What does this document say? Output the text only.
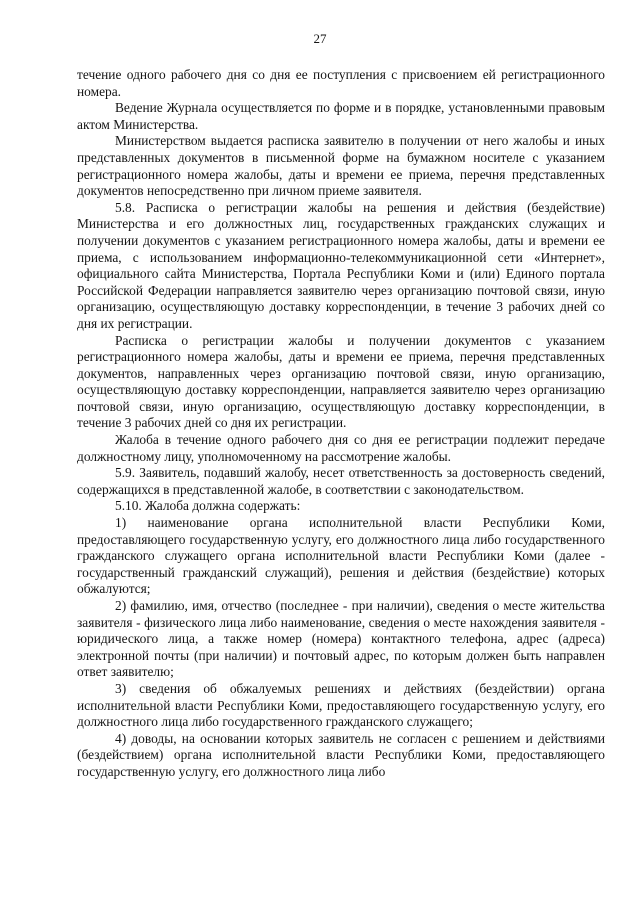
27

течение одного рабочего дня со дня ее поступления с присвоением ей регистрационного номера.

Ведение Журнала осуществляется по форме и в порядке, установленными правовым актом Министерства.

Министерством выдается расписка заявителю в получении от него жалобы и иных представленных документов в письменной форме на бумажном носителе с указанием регистрационного номера жалобы, даты и времени ее приема, перечня представленных документов непосредственно при личном приеме заявителя.

5.8. Расписка о регистрации жалобы на решения и действия (бездействие) Министерства и его должностных лиц, государственных гражданских служащих и получении документов с указанием регистрационного номера жалобы, даты и времени ее приема, с использованием информационно-телекоммуникационной сети «Интернет», официального сайта Министерства, Портала Республики Коми и (или) Единого портала Российской Федерации направляется заявителю через организацию почтовой связи, иную организацию, осуществляющую доставку корреспонденции, в течение 3 рабочих дней со дня их регистрации.

Расписка о регистрации жалобы и получении документов с указанием регистрационного номера жалобы, даты и времени ее приема, перечня представленных документов, направленных через организацию почтовой связи, иную организацию, осуществляющую доставку корреспонденции, направляется заявителю через организацию почтовой связи, иную организацию, осуществляющую доставку корреспонденции, в течение 3 рабочих дней со дня их регистрации.

Жалоба в течение одного рабочего дня со дня ее регистрации подлежит передаче должностному лицу, уполномоченному на рассмотрение жалобы.

5.9. Заявитель, подавший жалобу, несет ответственность за достоверность сведений, содержащихся в представленной жалобе, в соответствии с законодательством.

5.10. Жалоба должна содержать:

1) наименование органа исполнительной власти Республики Коми, предоставляющего государственную услугу, его должностного лица либо государственного гражданского служащего органа исполнительной власти Республики Коми (далее - государственный гражданский служащий), решения и действия (бездействие) которых обжалуются;

2) фамилию, имя, отчество (последнее - при наличии), сведения о месте жительства заявителя - физического лица либо наименование, сведения о месте нахождения заявителя - юридического лица, а также номер (номера) контактного телефона, адрес (адреса) электронной почты (при наличии) и почтовый адрес, по которым должен быть направлен ответ заявителю;

3) сведения об обжалуемых решениях и действиях (бездействии) органа исполнительной власти Республики Коми, предоставляющего государственную услугу, его должностного лица либо государственного гражданского служащего;

4) доводы, на основании которых заявитель не согласен с решением и действиями (бездействием) органа исполнительной власти Республики Коми, предоставляющего государственную услугу, его должностного лица либо
